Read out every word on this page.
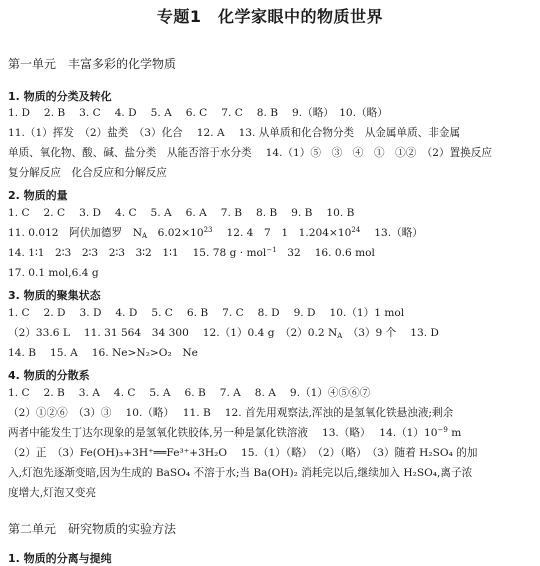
专题1　化学家眼中的物质世界
第一单元　丰富多彩的化学物质
1. 物质的分类及转化
1. D　 2. B　 3. C　 4. D　 5. A　 6. C　 7. C　 8. B　 9.（略）　10.（略）
11.（1）挥发　（2）盐类　（3）化合　 12. A　 13. 从单质和化合物分类　从金属单质、非金属
单质、氧化物、酸、碱、盐分类　从能否溶于水分类　 14.（1）⑤　③　④　①　①②　（2）置换反应
复分解反应　化合反应和分解反应
2. 物质的量
1. C　 2. C　 3. D　 4. C　 5. A　 6. A　 7. B　 8. B　 9. B　 10. B
11. 0.012　阿伏加德罗　$N_A$　$6.02\times 10^{23}$　 12. 4　7　1　$1.204\times 10^{24}$　 13.（略）
14. 1∶1　2∶3　2∶3　2∶3　3∶2　1∶1　 15. 78 g · mol$^{-1}$　32　 16. 0.6 mol
17. 0.1 mol,6.4 g
3. 物质的聚集状态
1. C　 2. D　 3. D　 4. D　 5. C　 6. B　 7. C　 8. D　 9. D　 10.（1）1 mol
（2）33.6 L　 11. 31 564　34 300　 12.（1）0.4 g　（2）0.2 $N_A$　（3）9 个　 13. D
14. B　 15. A　 16. Ne>N₂>O₂　Ne
4. 物质的分散系
1. C　 2. B　 3. A　 4. C　 5. A　 6. B　 7. A　 8. A　 9.（1）④⑤⑥⑦
（2）①②⑥　（3）③　 10.（略）　 11. B　 12. 首先用观察法,浑浊的是氢氧化铁悬浊液;剩余
两者中能发生丁达尔现象的是氢氧化铁胶体,另一种是氯化铁溶液　 13.（略）　 $14.(1)10^{-9}$ m
（2）正　（3）Fe(OH)₃+3H⁺══Fe³⁺+3H₂O　 15.（1）（略）　（2）（略）　（3）随着 H₂SO₄ 的加
入,灯泡先逐渐变暗,因为生成的 BaSO₄ 不溶于水;当 Ba(OH)₂ 消耗完以后,继续加入 H₂SO₄,离子浓
度增大,灯泡又变亮
第二单元　研究物质的实验方法
1. 物质的分离与提纯
